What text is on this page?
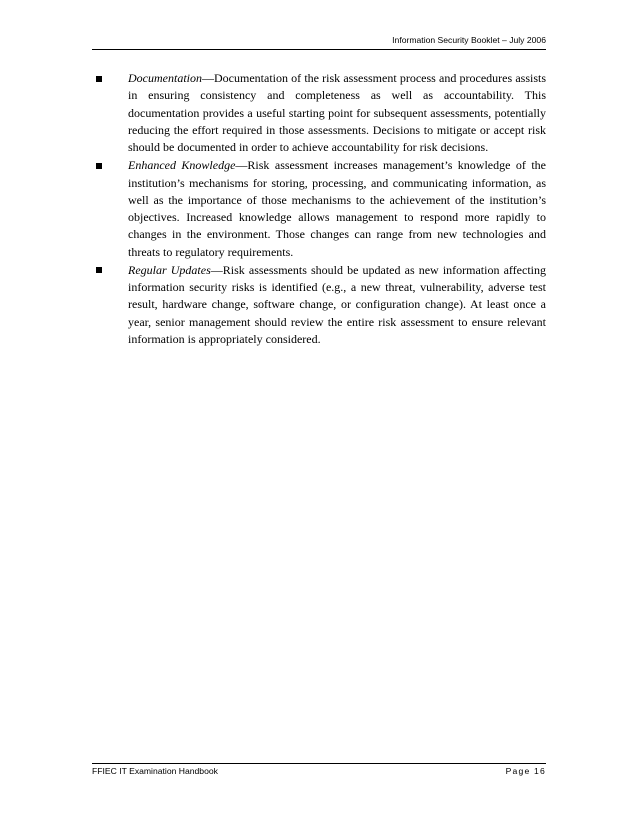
Information Security Booklet – July 2006
Documentation—Documentation of the risk assessment process and procedures assists in ensuring consistency and completeness as well as accountability. This documentation provides a useful starting point for subsequent assessments, potentially reducing the effort required in those assessments. Decisions to mitigate or accept risk should be documented in order to achieve accountability for risk decisions.
Enhanced Knowledge—Risk assessment increases management’s knowledge of the institution’s mechanisms for storing, processing, and communicating information, as well as the importance of those mechanisms to the achievement of the institution’s objectives. Increased knowledge allows management to respond more rapidly to changes in the environment. Those changes can range from new technologies and threats to regulatory requirements.
Regular Updates—Risk assessments should be updated as new information affecting information security risks is identified (e.g., a new threat, vulnerability, adverse test result, hardware change, software change, or configuration change). At least once a year, senior management should review the entire risk assessment to ensure relevant information is appropriately considered.
FFIEC IT Examination Handbook	Page 16
